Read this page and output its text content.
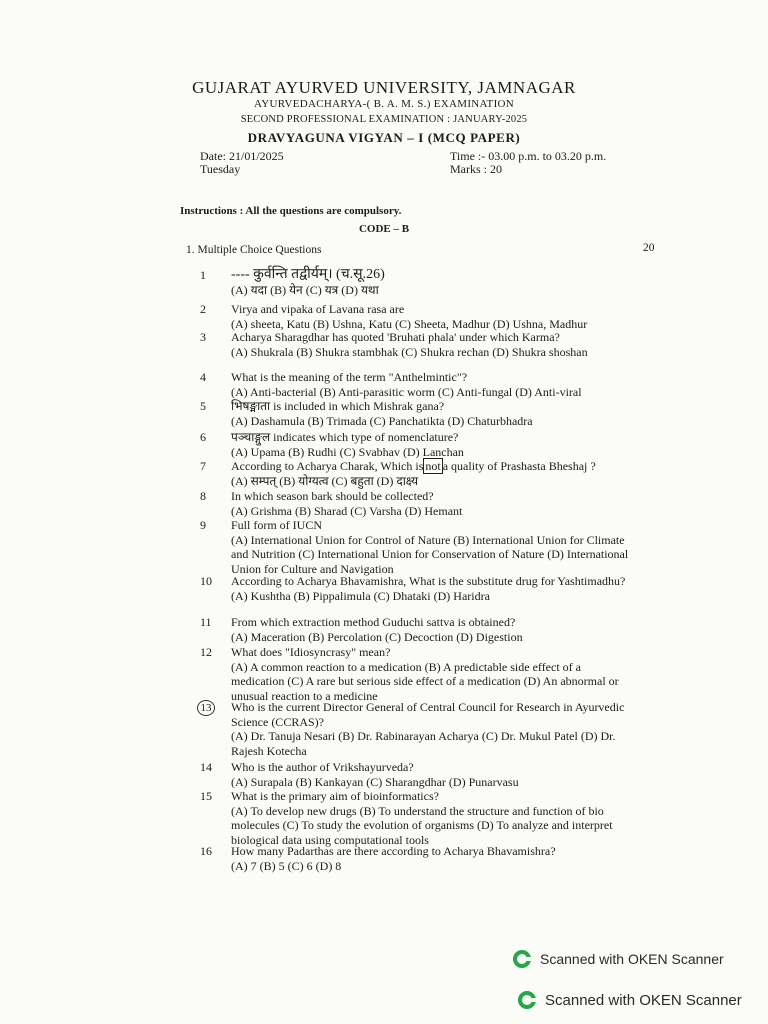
GUJARAT AYURVED UNIVERSITY, JAMNAGAR
AYURVEDACHARYA-( B. A. M. S.) EXAMINATION
SECOND PROFESSIONAL EXAMINATION : JANUARY-2025
DRAVYAGUNA VIGYAN – I (MCQ PAPER)
Date: 21/01/2025
Tuesday
Time :- 03.00 p.m. to 03.20 p.m.
Marks : 20
Instructions : All the questions are compulsory.
CODE – B
1. Multiple Choice Questions	20
1	---- कुर्वन्ति तद्वीर्यम्। (च.सू.26)
(A) यदा (B) येन (C) यत्र (D) यथा
2	Virya and vipaka of Lavana rasa are
(A) sheeta, Katu (B) Ushna, Katu (C) Sheeta, Madhur (D) Ushna, Madhur
3	Acharya Sharagdhar has quoted 'Bruhati phala' under which Karma?
(A) Shukrala (B) Shukra stambhak (C) Shukra rechan (D) Shukra shoshan
4	What is the meaning of the term "Anthelmintic"?
(A) Anti-bacterial (B) Anti-parasitic worm (C) Anti-fungal (D) Anti-viral
5	भिषङ्माता is included in which Mishrak gana?
(A) Dashamula (B) Trimada (C) Panchatikta (D) Chaturbhadra
6	पञ्चाङ्गुल indicates which type of nomenclature?
(A) Upama (B) Rudhi (C) Svabhav (D) Lanchan
7	According to Acharya Charak, Which is not a quality of Prashasta Bheshaj ?
(A) सम्पत् (B) योग्यत्व (C) बहुता (D) दाक्ष्य
8	In which season bark should be collected?
(A) Grishma (B) Sharad (C) Varsha (D) Hemant
9	Full form of IUCN
(A) International Union for Control of Nature (B) International Union for Climate and Nutrition (C) International Union for Conservation of Nature (D) International Union for Culture and Navigation
10	According to Acharya Bhavamishra, What is the substitute drug for Yashtimadhu?
(A) Kushtha (B) Pippalimula (C) Dhataki (D) Haridra
11	From which extraction method Guduchi sattva is obtained?
(A) Maceration (B) Percolation (C) Decoction (D) Digestion
12	What does "Idiosyncrasy" mean?
(A) A common reaction to a medication (B) A predictable side effect of a medication (C) A rare but serious side effect of a medication (D) An abnormal or unusual reaction to a medicine
13	Who is the current Director General of Central Council for Research in Ayurvedic Science (CCRAS)?
(A) Dr. Tanuja Nesari (B) Dr. Rabinarayan Acharya (C) Dr. Mukul Patel (D) Dr. Rajesh Kotecha
14	Who is the author of Vrikshayurveda?
(A) Surapala (B) Kankayan (C) Sharangdhar (D) Punarvasu
15	What is the primary aim of bioinformatics?
(A) To develop new drugs (B) To understand the structure and function of bio molecules (C) To study the evolution of organisms (D) To analyze and interpret biological data using computational tools
16	How many Padarthas are there according to Acharya Bhavamishra?
(A) 7 (B) 5 (C) 6 (D) 8
Scanned with OKEN Scanner
Scanned with OKEN Scanner
